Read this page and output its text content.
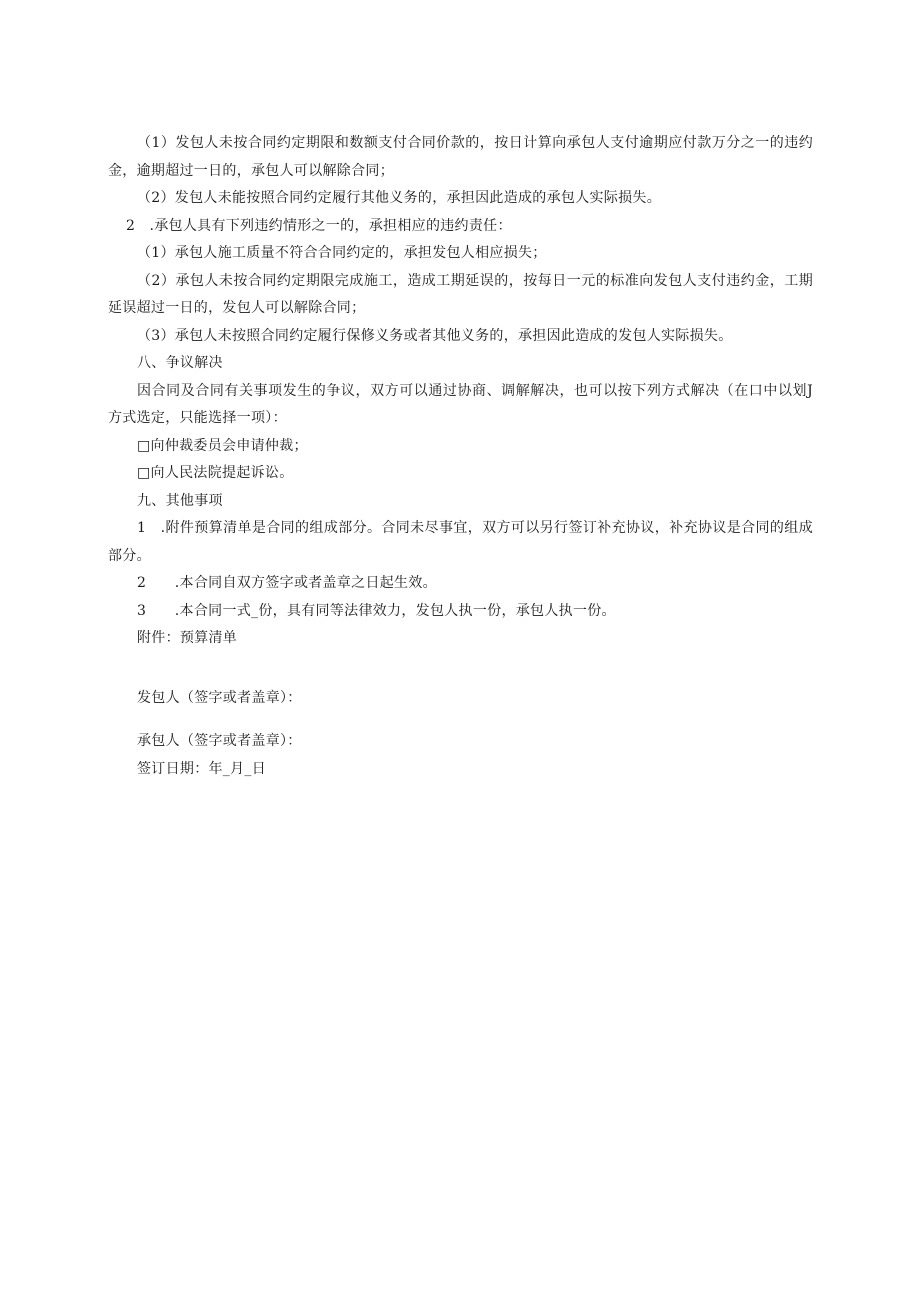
（1）发包人未按合同约定期限和数额支付合同价款的，按日计算向承包人支付逾期应付款万分之一的违约金，逾期超过一日的，承包人可以解除合同；

（2）发包人未能按照合同约定履行其他义务的，承担因此造成的承包人实际损失。

2　.承包人具有下列违约情形之一的，承担相应的违约责任：

（1）承包人施工质量不符合合同约定的，承担发包人相应损失；

（2）承包人未按合同约定期限完成施工，造成工期延误的，按每日一元的标准向发包人支付违约金，工期延误超过一日的，发包人可以解除合同；

（3）承包人未按照合同约定履行保修义务或者其他义务的，承担因此造成的发包人实际损失。

八、争议解决

因合同及合同有关事项发生的争议，双方可以通过协商、调解解决，也可以按下列方式解决（在口中以划J方式选定，只能选择一项）：

□向仲裁委员会申请仲裁；

□向人民法院提起诉讼。

九、其他事项

1　.附件预算清单是合同的组成部分。合同未尽事宜，双方可以另行签订补充协议，补充协议是合同的组成部分。

2　　.本合同自双方签字或者盖章之日起生效。

3　　.本合同一式_份，具有同等法律效力，发包人执一份，承包人执一份。

附件：预算清单

发包人（签字或者盖章）：

承包人（签字或者盖章）：

签订日期：年_月_日
